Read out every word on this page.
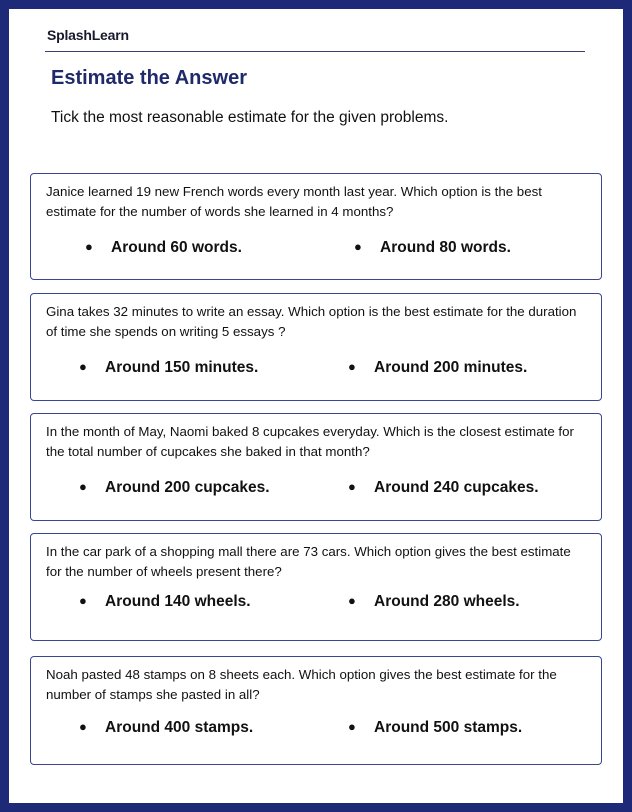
SplashLearn
Estimate the Answer
Tick the most reasonable estimate for the given problems.
Janice learned 19 new French words every month last year. Which option is the best estimate for the number of words she learned in 4 months?
● Around 60 words.	● Around 80 words.
Gina takes 32 minutes to write an essay. Which option is the best estimate for the duration of time she spends on writing 5 essays ?
● Around 150 minutes.	● Around 200 minutes.
In the month of May, Naomi baked 8 cupcakes everyday. Which is the closest estimate for the total number of cupcakes she baked in that month?
● Around 200 cupcakes.	● Around 240 cupcakes.
In the car park of a shopping mall there are 73 cars. Which option gives the best estimate for the number of wheels present there?
● Around 140 wheels.	● Around 280 wheels.
Noah pasted 48 stamps on 8 sheets each. Which option gives the best estimate for the number of stamps she pasted in all?
● Around 400 stamps.	● Around 500 stamps.
